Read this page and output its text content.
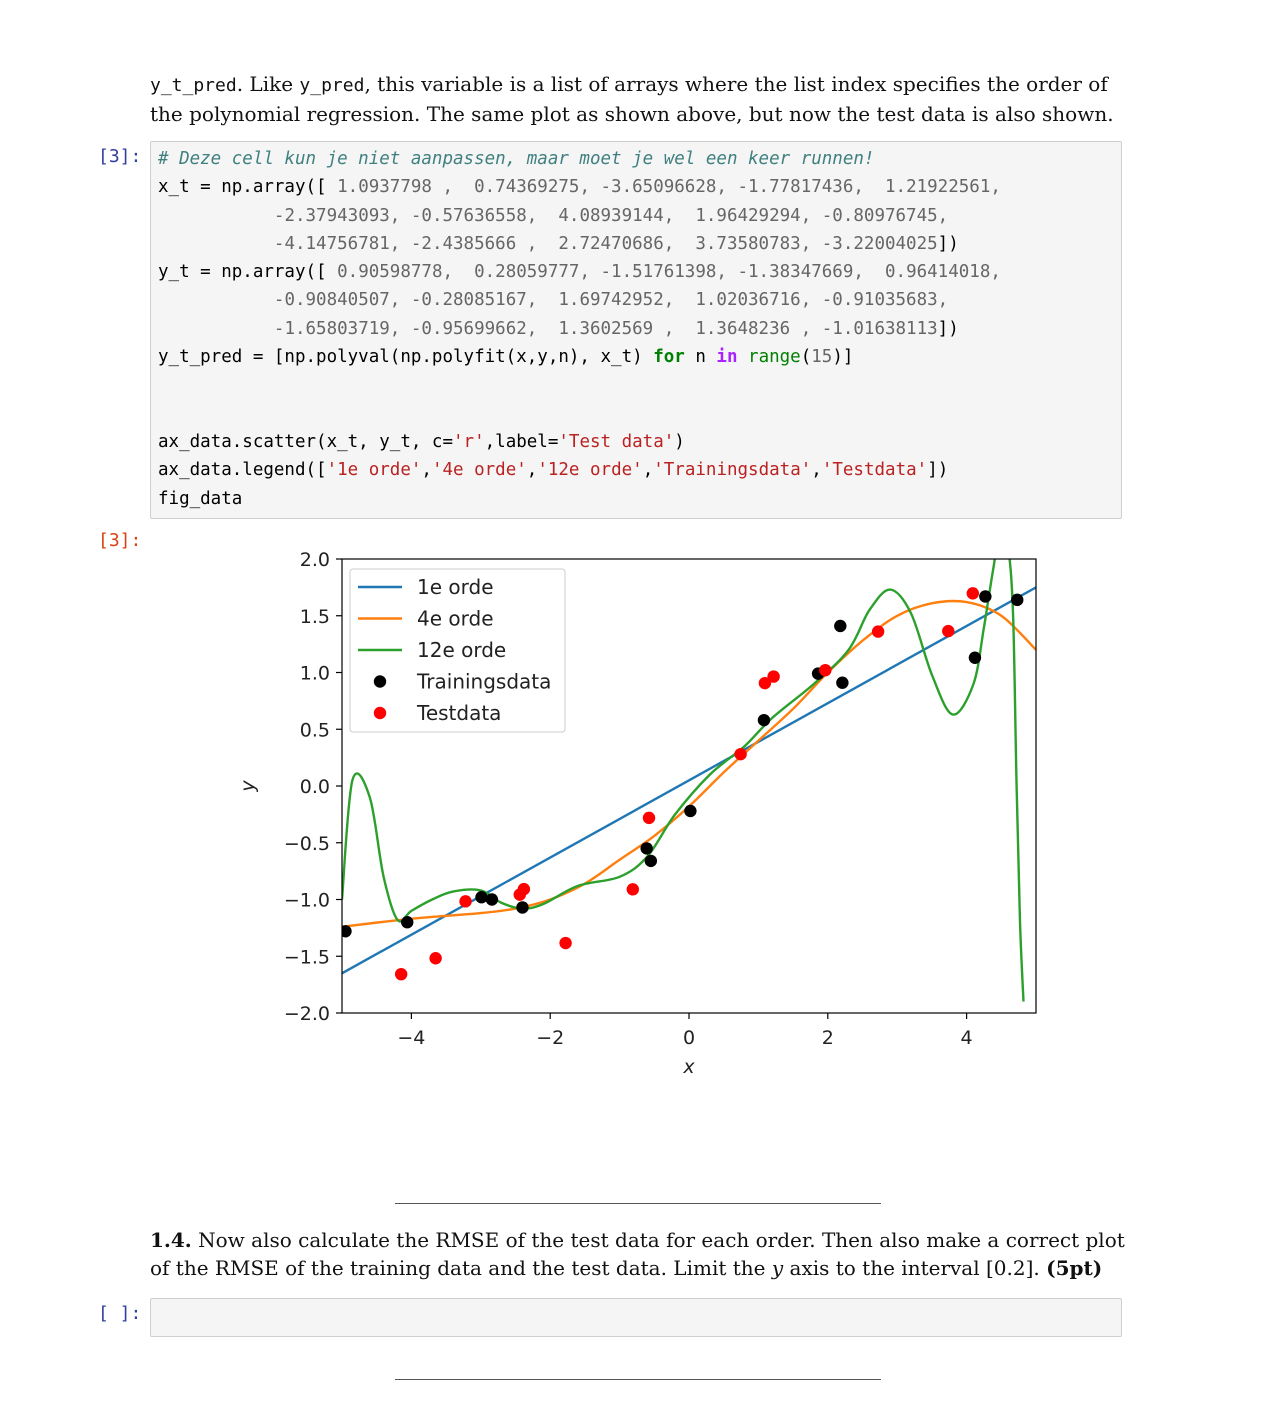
y_t_pred. Like y_pred, this variable is a list of arrays where the list index specifies the order of
the polynomial regression. The same plot as shown above, but now the test data is also shown.
[3]: # Deze cell kun je niet aanpassen, maar moet je wel een keer runnen!
x_t = np.array([ 1.0937798 ,  0.74369275, -3.65096628, -1.77817436,  1.21922561,
-2.37943093, -0.57636558,  4.08939144,  1.96429294, -0.80976745,
-4.14756781, -2.4385666 ,  2.72470686,  3.73580783, -3.22004025])
y_t = np.array([ 0.90598778,  0.28059777, -1.51761398, -1.38347669,  0.96414018,
-0.90840507, -0.28085167,  1.69742952,  1.02036716, -0.91035683,
-1.65803719, -0.95699662,  1.3602569 ,  1.3648236 , -1.01638113])
y_t_pred = [np.polyval(np.polyfit(x,y,n), x_t) for n in range(15)]

ax_data.scatter(x_t, y_t, c='r',label='Test data')
ax_data.legend(['1e orde','4e orde','12e orde','Trainingsdata','Testdata'])
fig_data
[3]:
−4	−2	0	2	4
2.0
1.5
1.0
0.5
0.0
−0.5
−1.0
−1.5
−2.0
x
y
1e orde
4e orde
12e orde
Trainingsdata
Testdata
1.4. Now also calculate the RMSE of the test data for each order. Then also make a correct plot
of the RMSE of the training data and the test data. Limit the y axis to the interval [0.2]. (5pt)
[ ]:
